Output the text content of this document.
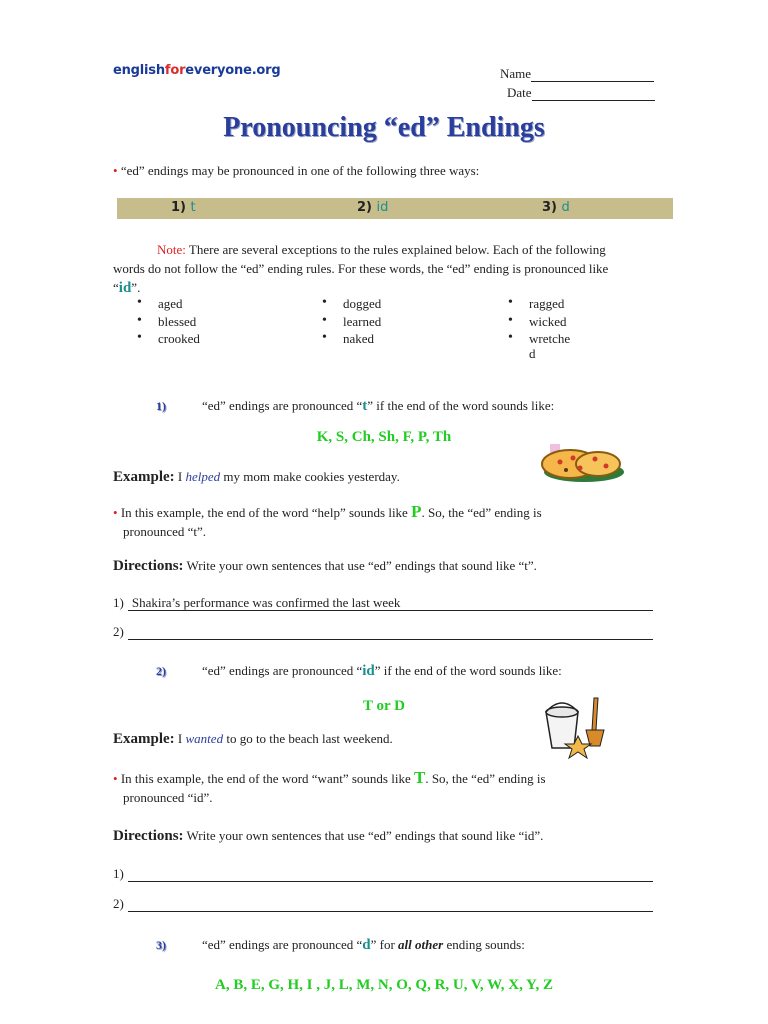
englishforeveryone.org	Name
Date
Pronouncing “ed” Endings
• “ed” endings may be pronounced in one of the following three ways:
1) t	2) id	3) d
Note: There are several exceptions to the rules explained below. Each of the following words do not follow the “ed” ending rules. For these words, the “ed” ending is pronounced like “id”.
• aged
• blessed
• crooked
• dogged
• learned
• naked
• ragged
• wicked
• wretche
d
1)	“ed” endings are pronounced “t” if the end of the word sounds like:
K, S, Ch, Sh, F, P, Th
Example: I helped my mom make cookies yesterday.
• In this example, the end of the word “help” sounds like P. So, the “ed” ending is
pronounced “t”.
Directions: Write your own sentences that use “ed” endings that sound like “t”.
1) Shakira’s performance was confirmed the last week
2)
2)	“ed” endings are pronounced “id” if the end of the word sounds like:
T or D
Example: I wanted to go to the beach last weekend.
• In this example, the end of the word “want” sounds like T. So, the “ed” ending is
pronounced “id”.
Directions: Write your own sentences that use “ed” endings that sound like “id”.
1)
2)
3)	“ed” endings are pronounced “d” for all other ending sounds:
A, B, E, G, H, I , J, L, M, N, O, Q, R, U, V, W, X, Y, Z
